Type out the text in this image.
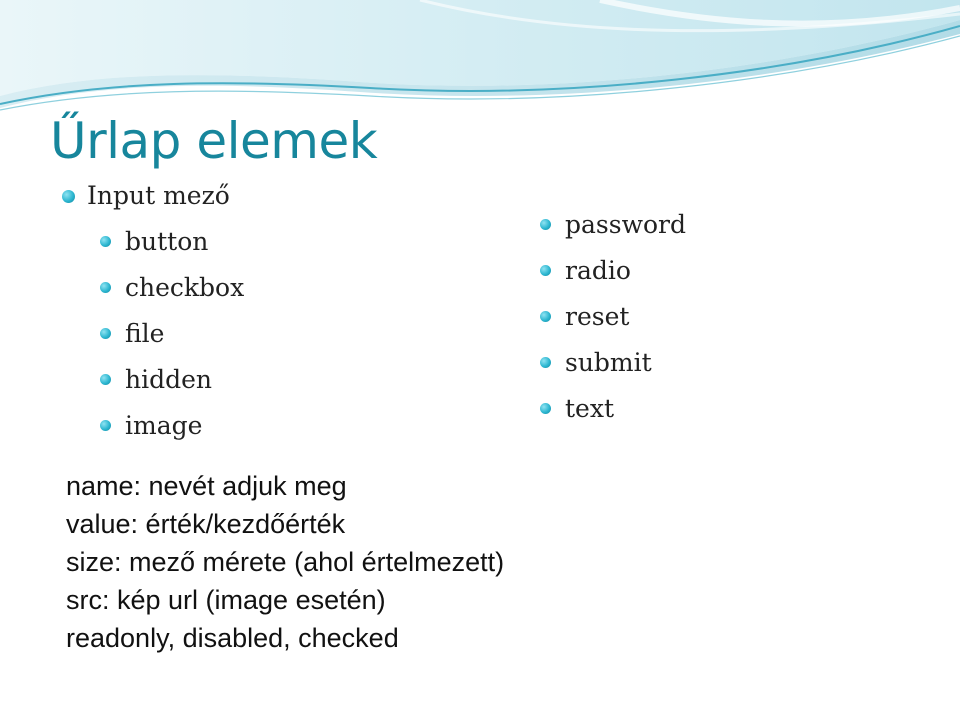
Űrlap elemek
Input mező
button
checkbox
file
hidden
image
password
radio
reset
submit
text
name: nevét adjuk meg
value: érték/kezdőérték
size: mező mérete (ahol értelmezett)
src: kép url (image esetén)
readonly, disabled, checked
